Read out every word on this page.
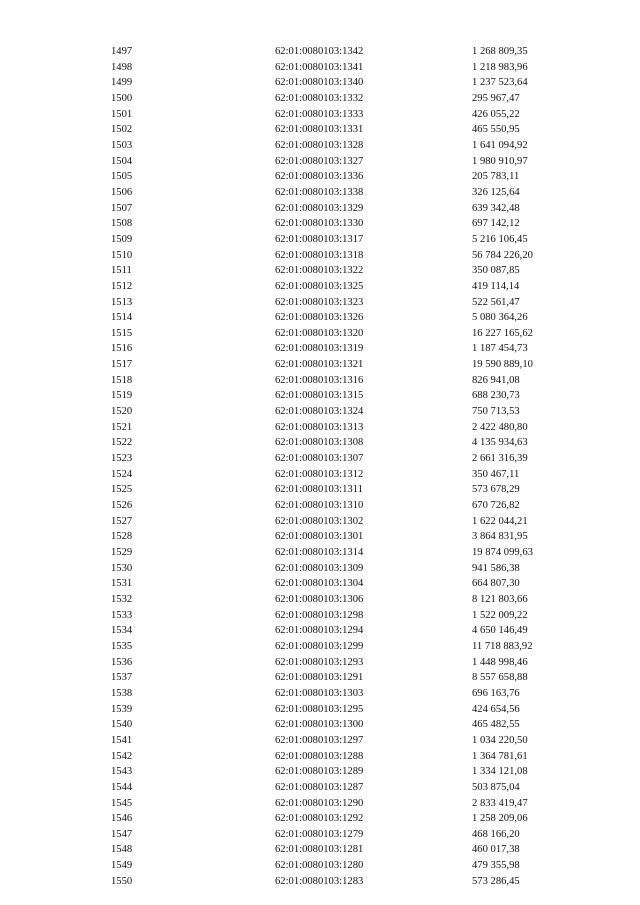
1497	62:01:0080103:1342	1 268 809,35
1498	62:01:0080103:1341	1 218 983,96
1499	62:01:0080103:1340	1 237 523,64
1500	62:01:0080103:1332	295 967,47
1501	62:01:0080103:1333	426 055,22
1502	62:01:0080103:1331	465 550,95
1503	62:01:0080103:1328	1 641 094,92
1504	62:01:0080103:1327	1 980 910,97
1505	62:01:0080103:1336	205 783,11
1506	62:01:0080103:1338	326 125,64
1507	62:01:0080103:1329	639 342,48
1508	62:01:0080103:1330	697 142,12
1509	62:01:0080103:1317	5 216 106,45
1510	62:01:0080103:1318	56 784 226,20
1511	62:01:0080103:1322	350 087,85
1512	62:01:0080103:1325	419 114,14
1513	62:01:0080103:1323	522 561,47
1514	62:01:0080103:1326	5 080 364,26
1515	62:01:0080103:1320	16 227 165,62
1516	62:01:0080103:1319	1 187 454,73
1517	62:01:0080103:1321	19 590 889,10
1518	62:01:0080103:1316	826 941,08
1519	62:01:0080103:1315	688 230,73
1520	62:01:0080103:1324	750 713,53
1521	62:01:0080103:1313	2 422 480,80
1522	62:01:0080103:1308	4 135 934,63
1523	62:01:0080103:1307	2 661 316,39
1524	62:01:0080103:1312	350 467,11
1525	62:01:0080103:1311	573 678,29
1526	62:01:0080103:1310	670 726,82
1527	62:01:0080103:1302	1 622 044,21
1528	62:01:0080103:1301	3 864 831,95
1529	62:01:0080103:1314	19 874 099,63
1530	62:01:0080103:1309	941 586,38
1531	62:01:0080103:1304	664 807,30
1532	62:01:0080103:1306	8 121 803,66
1533	62:01:0080103:1298	1 522 009,22
1534	62:01:0080103:1294	4 650 146,49
1535	62:01:0080103:1299	11 718 883,92
1536	62:01:0080103:1293	1 448 998,46
1537	62:01:0080103:1291	8 557 658,88
1538	62:01:0080103:1303	696 163,76
1539	62:01:0080103:1295	424 654,56
1540	62:01:0080103:1300	465 482,55
1541	62:01:0080103:1297	1 034 220,50
1542	62:01:0080103:1288	1 364 781,61
1543	62:01:0080103:1289	1 334 121,08
1544	62:01:0080103:1287	503 875,04
1545	62:01:0080103:1290	2 833 419,47
1546	62:01:0080103:1292	1 258 209,06
1547	62:01:0080103:1279	468 166,20
1548	62:01:0080103:1281	460 017,38
1549	62:01:0080103:1280	479 355,98
1550	62:01:0080103:1283	573 286,45
